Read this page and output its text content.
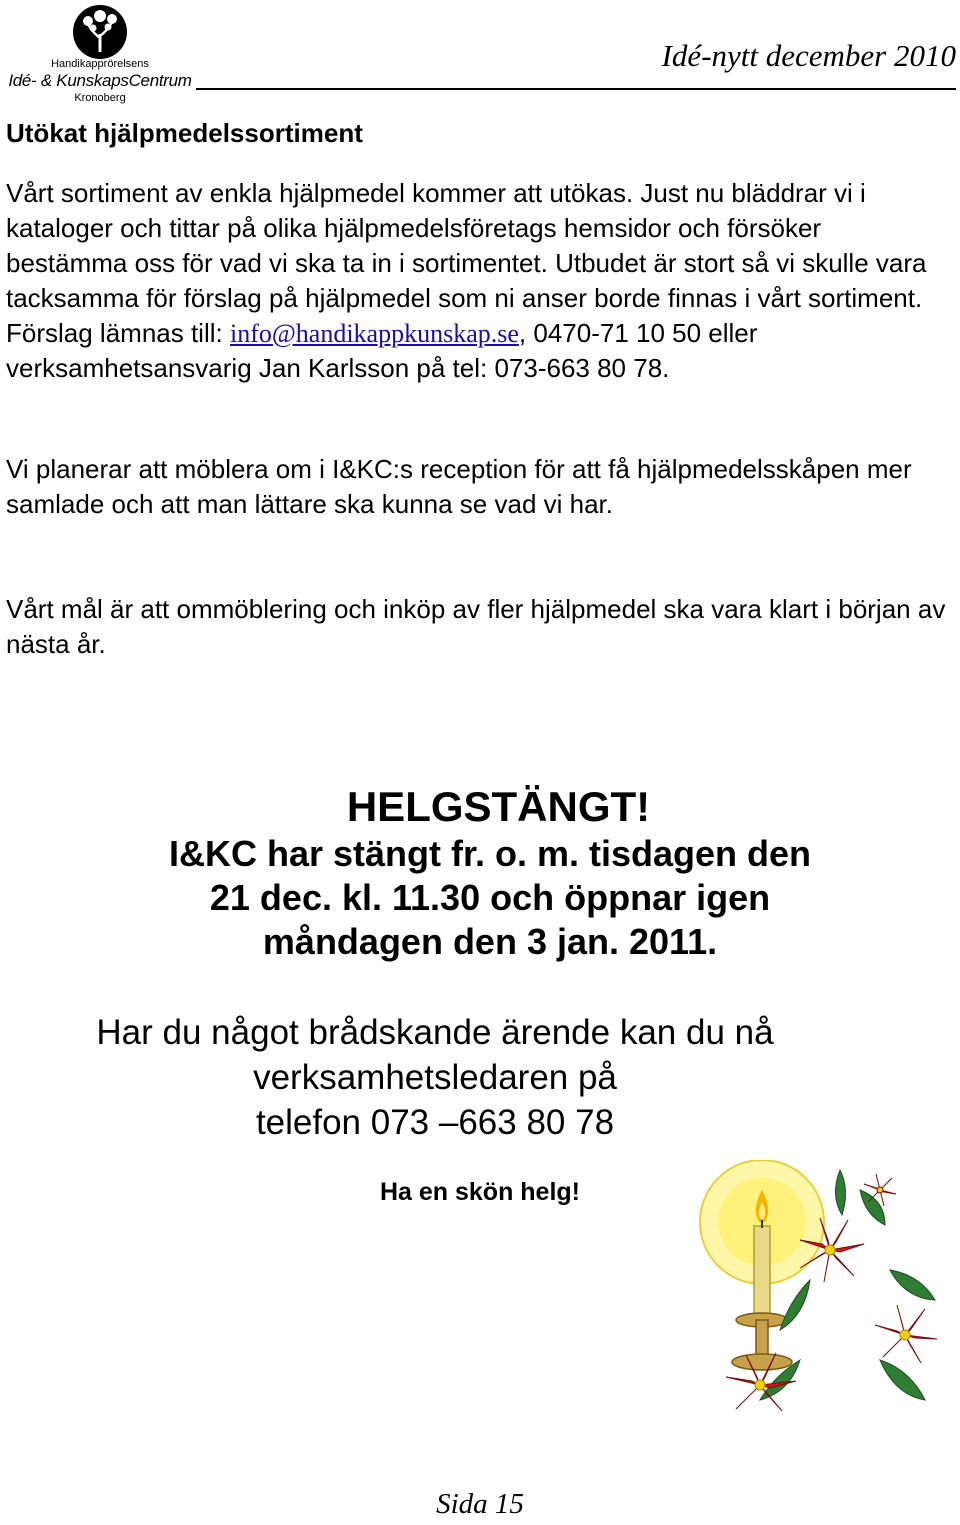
Handikapprörelsens
Idé- & KunskapsCentrum
Kronoberg
Idé-nytt december 2010
Utökat hjälpmedelssortiment

Vårt sortiment av enkla hjälpmedel kommer att utökas. Just nu bläddrar vi i kataloger och tittar på olika hjälpmedelsföretags hemsidor och försöker bestämma oss för vad vi ska ta in i sortimentet. Utbudet är stort så vi skulle vara tacksamma för förslag på hjälpmedel som ni anser borde finnas i vårt sortiment. Förslag lämnas till: info@handikappkunskap.se, 0470-71 10 50 eller verksamhetsansvarig Jan Karlsson på tel: 073-663 80 78.

Vi planerar att möblera om i I&KC:s reception för att få hjälpmedelsskåpen mer samlade och att man lättare ska kunna se vad vi har.

Vårt mål är att ommöblering och inköp av fler hjälpmedel ska vara klart i början av nästa år.

HELGSTÄNGT!
I&KC har stängt fr. o. m. tisdagen den
21 dec. kl. 11.30 och öppnar igen
måndagen den 3 jan. 2011.
Har du något brådskande ärende kan du nå
verksamhetsledaren på
telefon 073 –663 80 78
Ha en skön helg!
Sida 15
